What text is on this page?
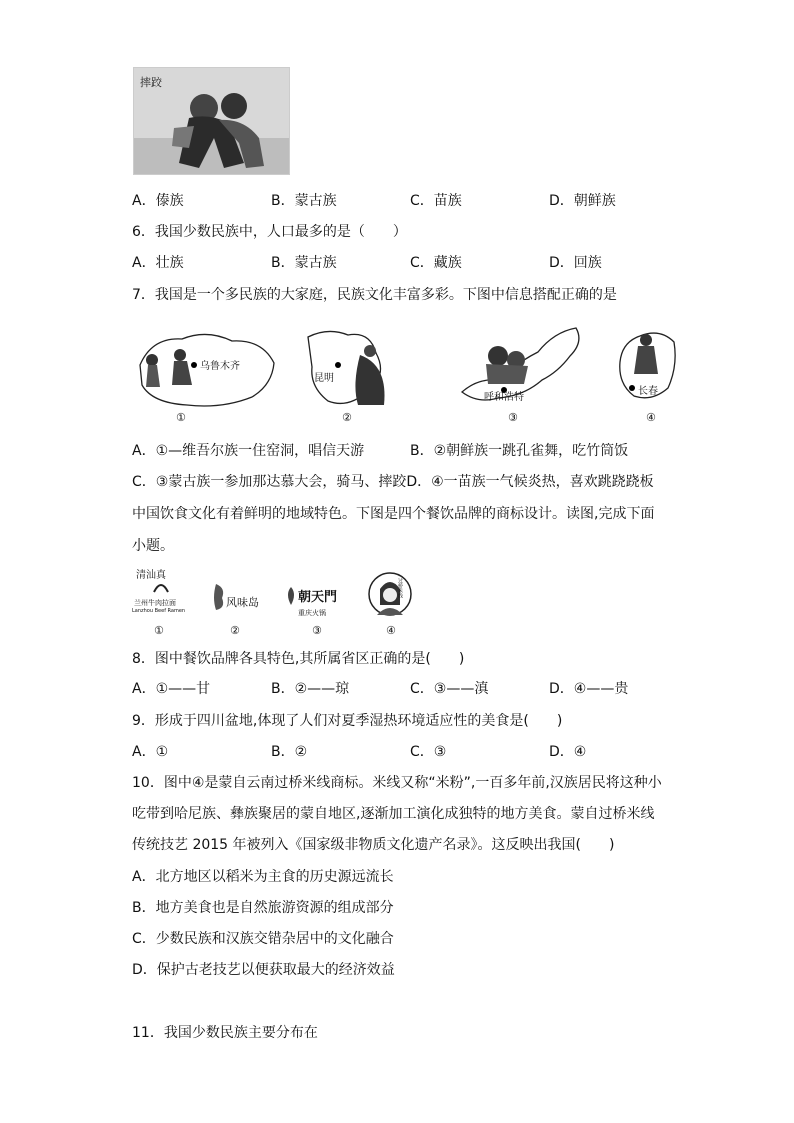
摔跤
A．傣族	B．蒙古族	C．苗族	D．朝鲜族
6．我国少数民族中，人口最多的是（　　）
A．壮族	B．蒙古族	C．藏族	D．回族
7．我国是一个多民族的大家庭，民族文化丰富多彩。下图中信息搭配正确的是
乌鲁木齐
①
昆明
②
呼和浩特
③
长春
④
A．①—维吾尔族一住窑洞，唱信天游	B．②朝鲜族一跳孔雀舞，吃竹筒饭
C．③蒙古族一参加那达慕大会，骑马、摔跤D．④一苗族一气候炎热，喜欢跳跷跷板
中国饮食文化有着鲜明的地域特色。下图是四个餐饮品牌的商标设计。读图,完成下面
小题。
清汕真
兰州牛肉拉面
Lanzhou Beef Ramen
①
风味岛
②
朝天門
重庆火锅
③
过桥米线
④
8．图中餐饮品牌各具特色,其所属省区正确的是(　　)
A．①——甘	B．②——琼	C．③——滇	D．④——贵
9．形成于四川盆地,体现了人们对夏季湿热环境适应性的美食是(　　)
A．①	B．②	C．③	D．④
10．图中④是蒙自云南过桥米线商标。米线又称“米粉”,一百多年前,汉族居民将这种小
吃带到哈尼族、彝族聚居的蒙自地区,逐渐加工演化成独特的地方美食。蒙自过桥米线
传统技艺 2015 年被列入《国家级非物质文化遗产名录》。这反映出我国(　　)
A．北方地区以稻米为主食的历史源远流长
B．地方美食也是自然旅游资源的组成部分
C．少数民族和汉族交错杂居中的文化融合
D．保护古老技艺以便获取最大的经济效益
11．我国少数民族主要分布在
